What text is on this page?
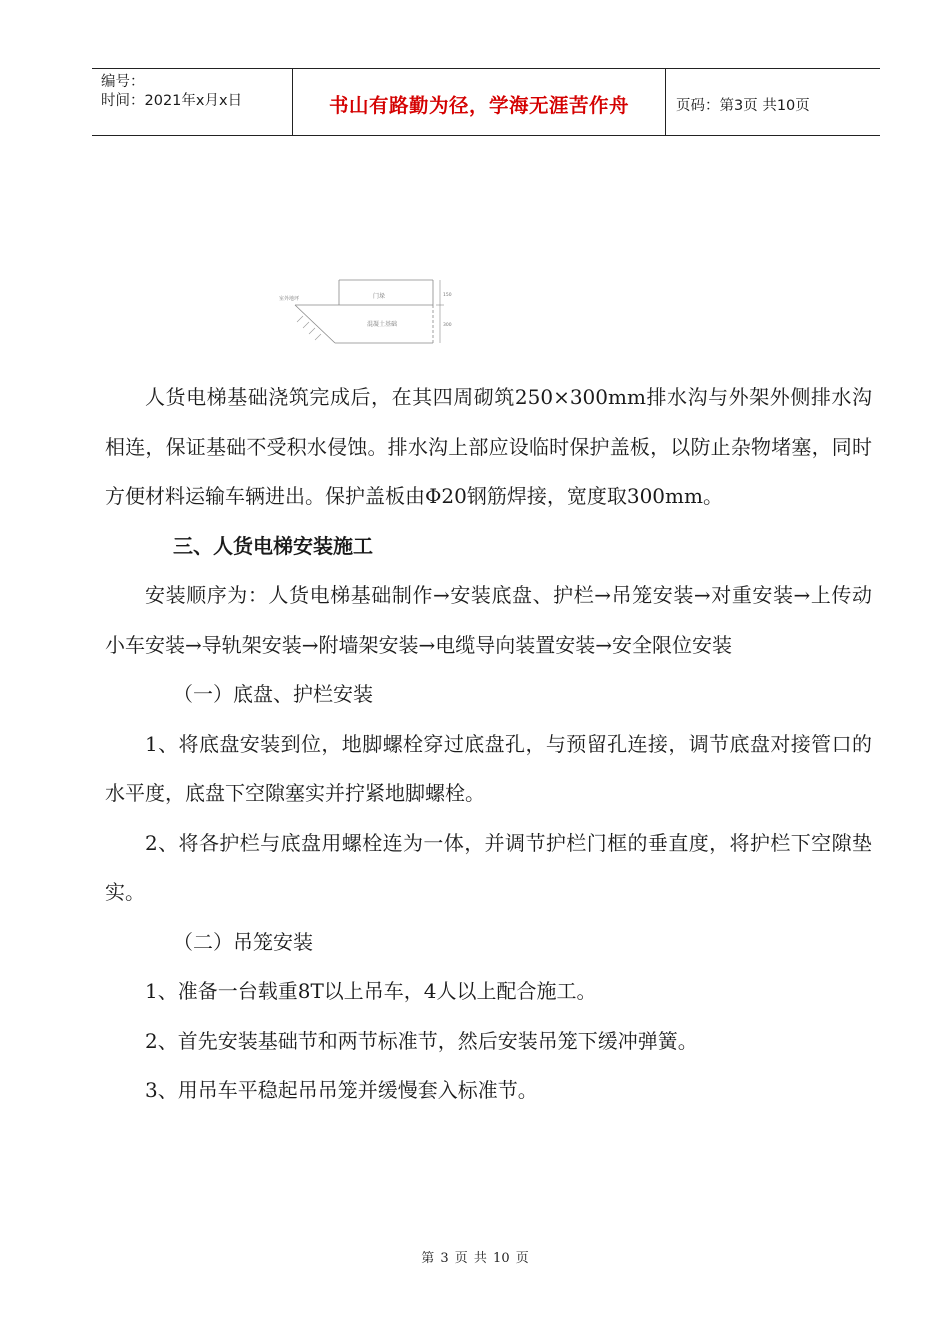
编号：
时间：2021年x月x日	书山有路勤为径，学海无涯苦作舟	页码：第3页 共10页
室外地坪	门垛
混凝土基础
150
300

人货电梯基础浇筑完成后，在其四周砌筑250×300mm排水沟与外架外侧排水沟相连，保证基础不受积水侵蚀。排水沟上部应设临时保护盖板，以防止杂物堵塞，同时方便材料运输车辆进出。保护盖板由Φ20钢筋焊接，宽度取300mm。

三、人货电梯安装施工

安装顺序为：人货电梯基础制作→安装底盘、护栏→吊笼安装→对重安装→上传动小车安装→导轨架安装→附墙架安装→电缆导向装置安装→安全限位安装

（一）底盘、护栏安装

1、将底盘安装到位，地脚螺栓穿过底盘孔，与预留孔连接，调节底盘对接管口的水平度，底盘下空隙塞实并拧紧地脚螺栓。

2、将各护栏与底盘用螺栓连为一体，并调节护栏门框的垂直度，将护栏下空隙垫实。

（二）吊笼安装

1、准备一台载重8T以上吊车，4人以上配合施工。

2、首先安装基础节和两节标准节，然后安装吊笼下缓冲弹簧。

3、用吊车平稳起吊吊笼并缓慢套入标准节。

第 3 页 共 10 页
